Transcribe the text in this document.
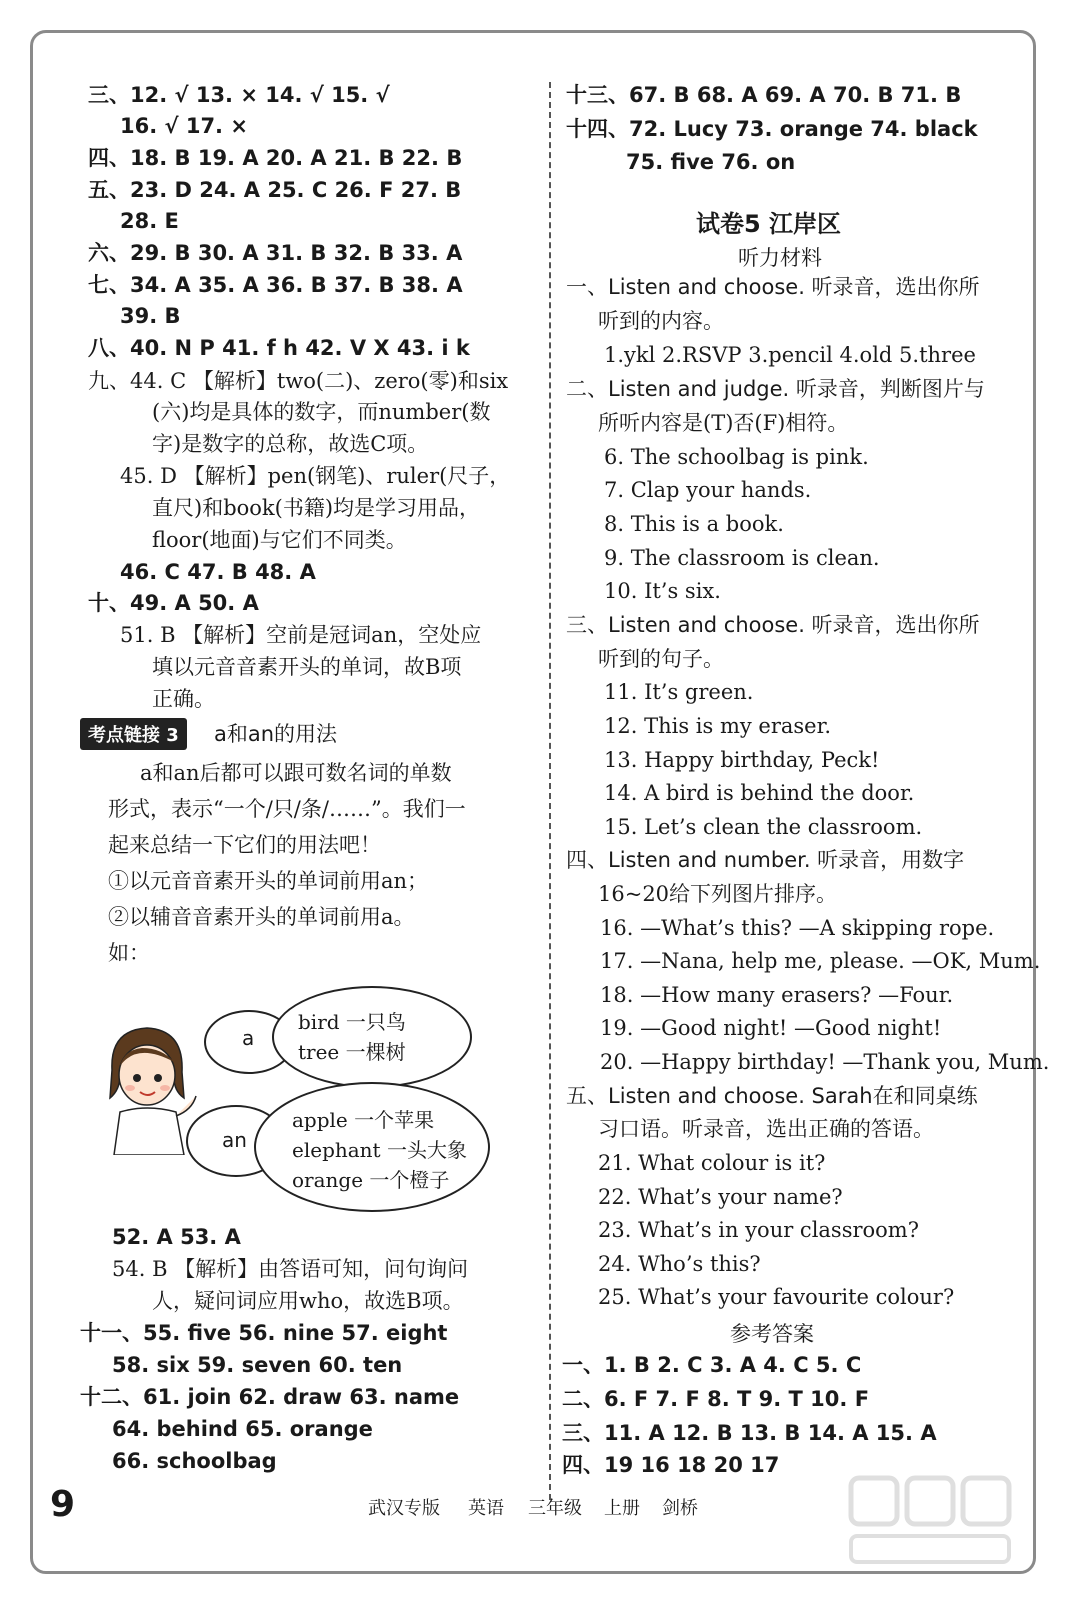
三、12. √ 13. × 14. √ 15. √
16. √ 17. ×
四、18. B 19. A 20. A 21. B 22. B
五、23. D 24. A 25. C 26. F 27. B
28. E
六、29. B 30. A 31. B 32. B 33. A
七、34. A 35. A 36. B 37. B 38. A
39. B
八、40. N P 41. f h 42. V X 43. i k
九、44. C 【解析】two(二)、zero(零)和six
(六)均是具体的数字，而number(数
字)是数字的总称，故选C项。
45. D 【解析】pen(钢笔)、ruler(尺子，
直尺)和book(书籍)均是学习用品，
floor(地面)与它们不同类。
46. C 47. B 48. A
十、49. A 50. A
51. B 【解析】空前是冠词an，空处应
填以元音音素开头的单词，故B项
正确。
考点链接 3	a和an的用法
a和an后都可以跟可数名词的单数
形式，表示“一个/只/条/……”。我们一
起来总结一下它们的用法吧！
①以元音音素开头的单词前用an；
②以辅音音素开头的单词前用a。
如：
a
bird 一只鸟
tree 一棵树
an
apple 一个苹果
elephant 一头大象
orange 一个橙子
52. A 53. A
54. B 【解析】由答语可知，问句询问
人，疑问词应用who，故选B项。
十一、55. five 56. nine 57. eight
58. six 59. seven 60. ten
十二、61. join 62. draw 63. name
64. behind 65. orange
66. schoolbag
十三、67. B 68. A 69. A 70. B 71. B
十四、72. Lucy 73. orange 74. black
75. five 76. on
试卷5 江岸区
听力材料
一、Listen and choose. 听录音，选出你所
听到的内容。
1.ykl 2.RSVP 3.pencil 4.old 5.three
二、Listen and judge. 听录音，判断图片与
所听内容是(T)否(F)相符。
6. The schoolbag is pink.
7. Clap your hands.
8. This is a book.
9. The classroom is clean.
10. It’s six.
三、Listen and choose. 听录音，选出你所
听到的句子。
11. It’s green.
12. This is my eraser.
13. Happy birthday, Peck!
14. A bird is behind the door.
15. Let’s clean the classroom.
四、Listen and number. 听录音，用数字
16~20给下列图片排序。
16. —What’s this? —A skipping rope.
17. —Nana, help me, please. —OK, Mum.
18. —How many erasers? —Four.
19. —Good night! —Good night!
20. —Happy birthday! —Thank you, Mum.
五、Listen and choose. Sarah在和同桌练
习口语。听录音，选出正确的答语。
21. What colour is it?
22. What’s your name?
23. What’s in your classroom?
24. Who’s this?
25. What’s your favourite colour?
参考答案
一、1. B 2. C 3. A 4. C 5. C
二、6. F 7. F 8. T 9. T 10. F
三、11. A 12. B 13. B 14. A 15. A
四、19 16 18 20 17
9	武汉专版 英语 三年级 上册 剑桥
